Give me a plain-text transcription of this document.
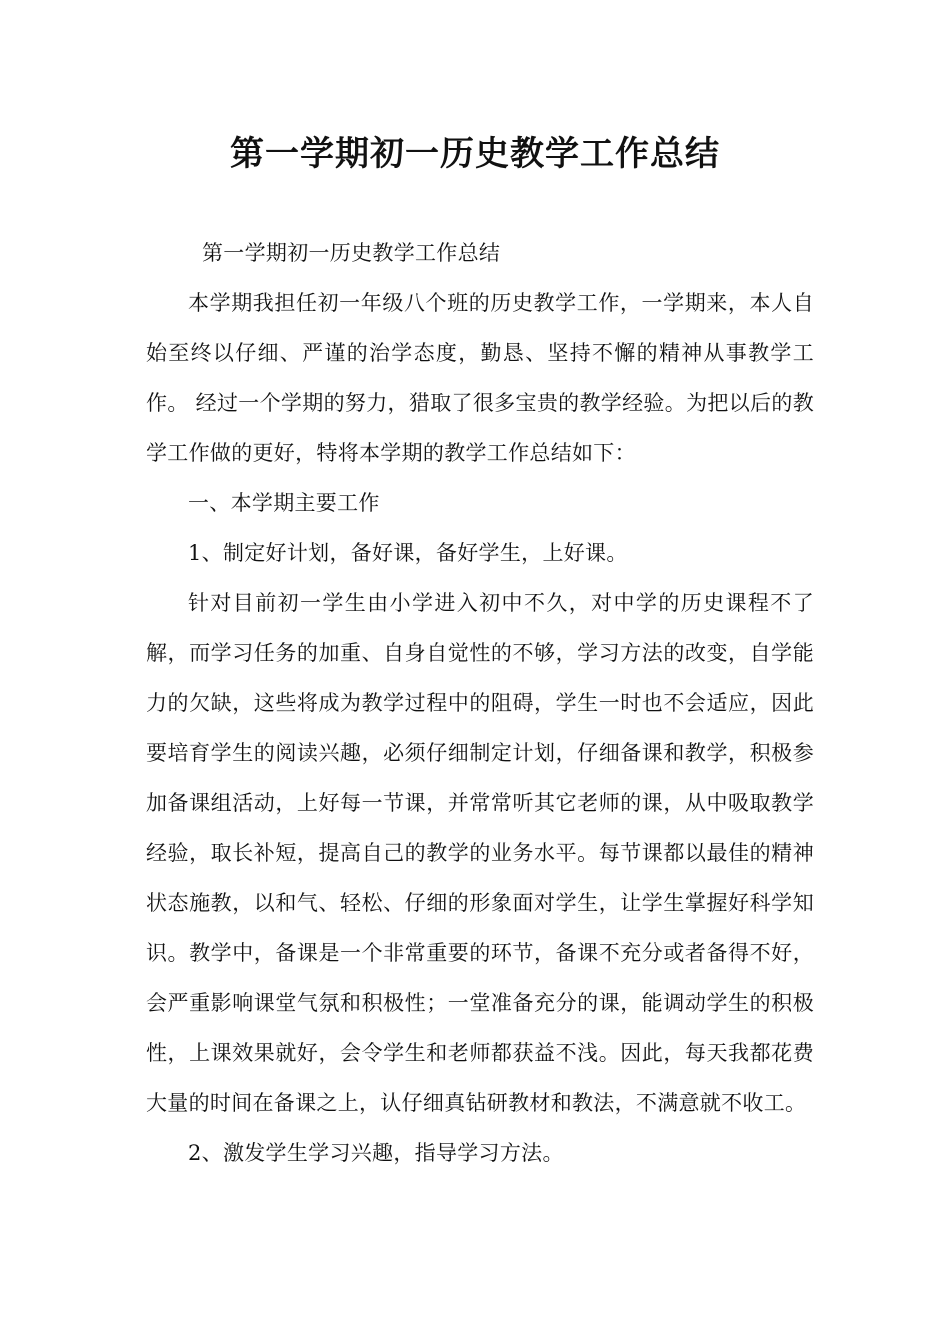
第一学期初一历史教学工作总结

第一学期初一历史教学工作总结

本学期我担任初一年级八个班的历史教学工作，一学期来，本人自始至终以仔细、严谨的治学态度，勤恳、坚持不懈的精神从事教学工作。 经过一个学期的努力，猎取了很多宝贵的教学经验。为把以后的教学工作做的更好，特将本学期的教学工作总结如下：

一、本学期主要工作

1、制定好计划，备好课，备好学生，上好课。

针对目前初一学生由小学进入初中不久，对中学的历史课程不了解，而学习任务的加重、自身自觉性的不够，学习方法的改变，自学能力的欠缺，这些将成为教学过程中的阻碍，学生一时也不会适应，因此要培育学生的阅读兴趣，必须仔细制定计划，仔细备课和教学，积极参加备课组活动，上好每一节课，并常常听其它老师的课，从中吸取教学经验，取长补短，提高自己的教学的业务水平。每节课都以最佳的精神状态施教，以和气、轻松、仔细的形象面对学生，让学生掌握好科学知识。教学中，备课是一个非常重要的环节，备课不充分或者备得不好，会严重影响课堂气氛和积极性；一堂准备充分的课，能调动学生的积极性，上课效果就好，会令学生和老师都获益不浅。因此，每天我都花费大量的时间在备课之上，认仔细真钻研教材和教法，不满意就不收工。

2、激发学生学习兴趣，指导学习方法。
